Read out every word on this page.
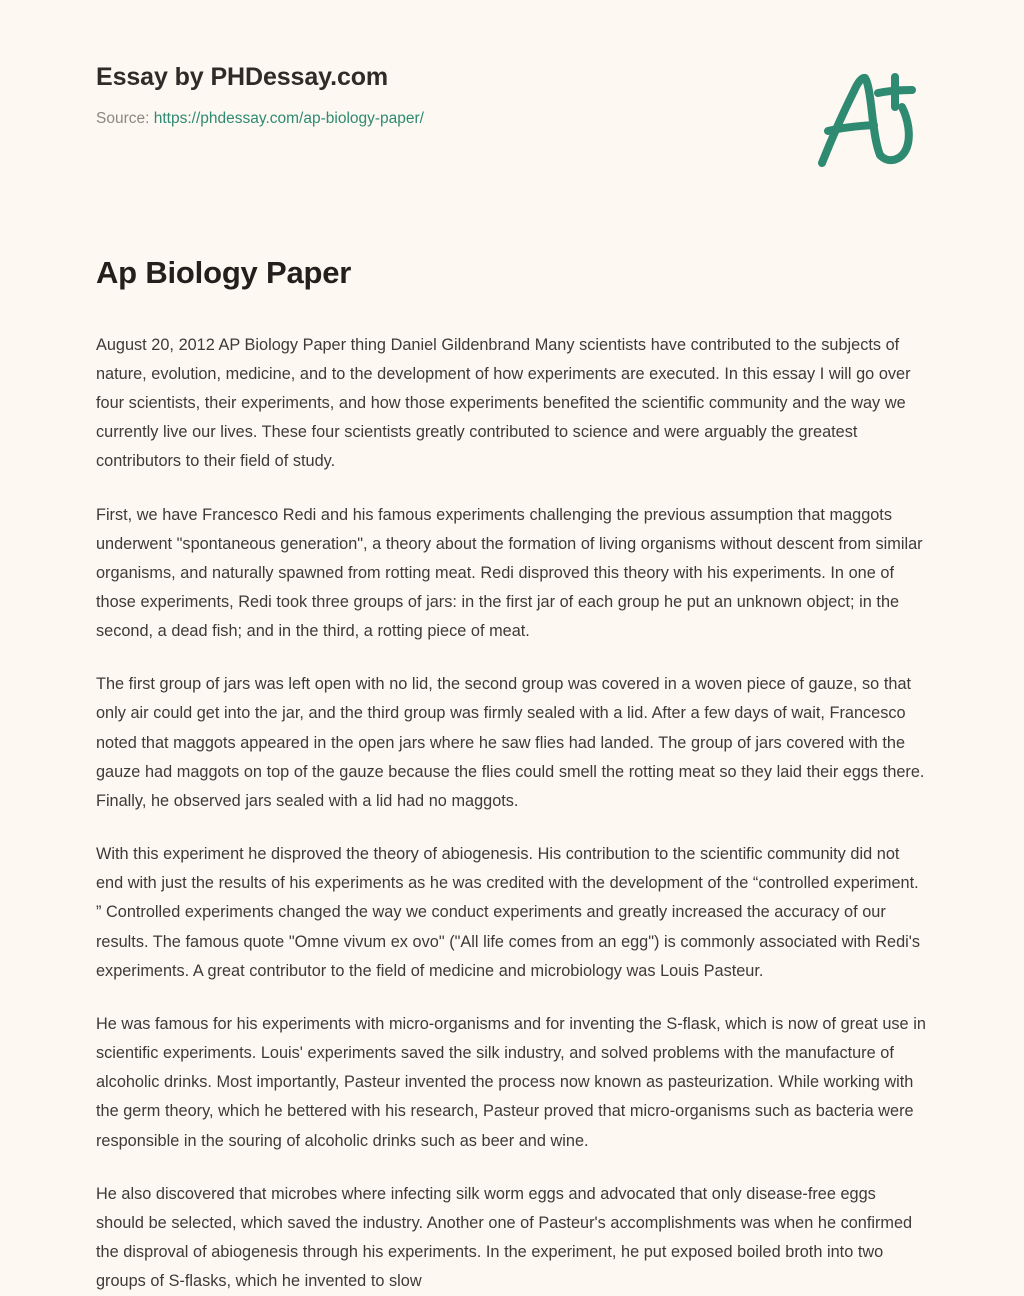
Essay by PHDessay.com
Source: https://phdessay.com/ap-biology-paper/
Ap Biology Paper

August 20, 2012 AP Biology Paper thing Daniel Gildenbrand Many scientists have contributed to the subjects of nature, evolution, medicine, and to the development of how experiments are executed. In this essay I will go over four scientists, their experiments, and how those experiments benefited the scientific community and the way we currently live our lives. These four scientists greatly contributed to science and were arguably the greatest contributors to their field of study.

First, we have Francesco Redi and his famous experiments challenging the previous assumption that maggots underwent "spontaneous generation", a theory about the formation of living organisms without descent from similar organisms, and naturally spawned from rotting meat. Redi disproved this theory with his experiments. In one of those experiments, Redi took three groups of jars: in the first jar of each group he put an unknown object; in the second, a dead fish; and in the third, a rotting piece of meat.

The first group of jars was left open with no lid, the second group was covered in a woven piece of gauze, so that only air could get into the jar, and the third group was firmly sealed with a lid. After a few days of wait, Francesco noted that maggots appeared in the open jars where he saw flies had landed. The group of jars covered with the gauze had maggots on top of the gauze because the flies could smell the rotting meat so they laid their eggs there. Finally, he observed jars sealed with a lid had no maggots.

With this experiment he disproved the theory of abiogenesis. His contribution to the scientific community did not end with just the results of his experiments as he was credited with the development of the “controlled experiment. ” Controlled experiments changed the way we conduct experiments and greatly increased the accuracy of our results. The famous quote "Omne vivum ex ovo" ("All life comes from an egg") is commonly associated with Redi's experiments. A great contributor to the field of medicine and microbiology was Louis Pasteur.

He was famous for his experiments with micro-organisms and for inventing the S-flask, which is now of great use in scientific experiments. Louis' experiments saved the silk industry, and solved problems with the manufacture of alcoholic drinks. Most importantly, Pasteur invented the process now known as pasteurization. While working with the germ theory, which he bettered with his research, Pasteur proved that micro-organisms such as bacteria were responsible in the souring of alcoholic drinks such as beer and wine.

He also discovered that microbes where infecting silk worm eggs and advocated that only disease-free eggs should be selected, which saved the industry. Another one of Pasteur's accomplishments was when he confirmed the disproval of abiogenesis through his experiments. In the experiment, he put exposed boiled broth into two groups of S-flasks, which he invented to slow
